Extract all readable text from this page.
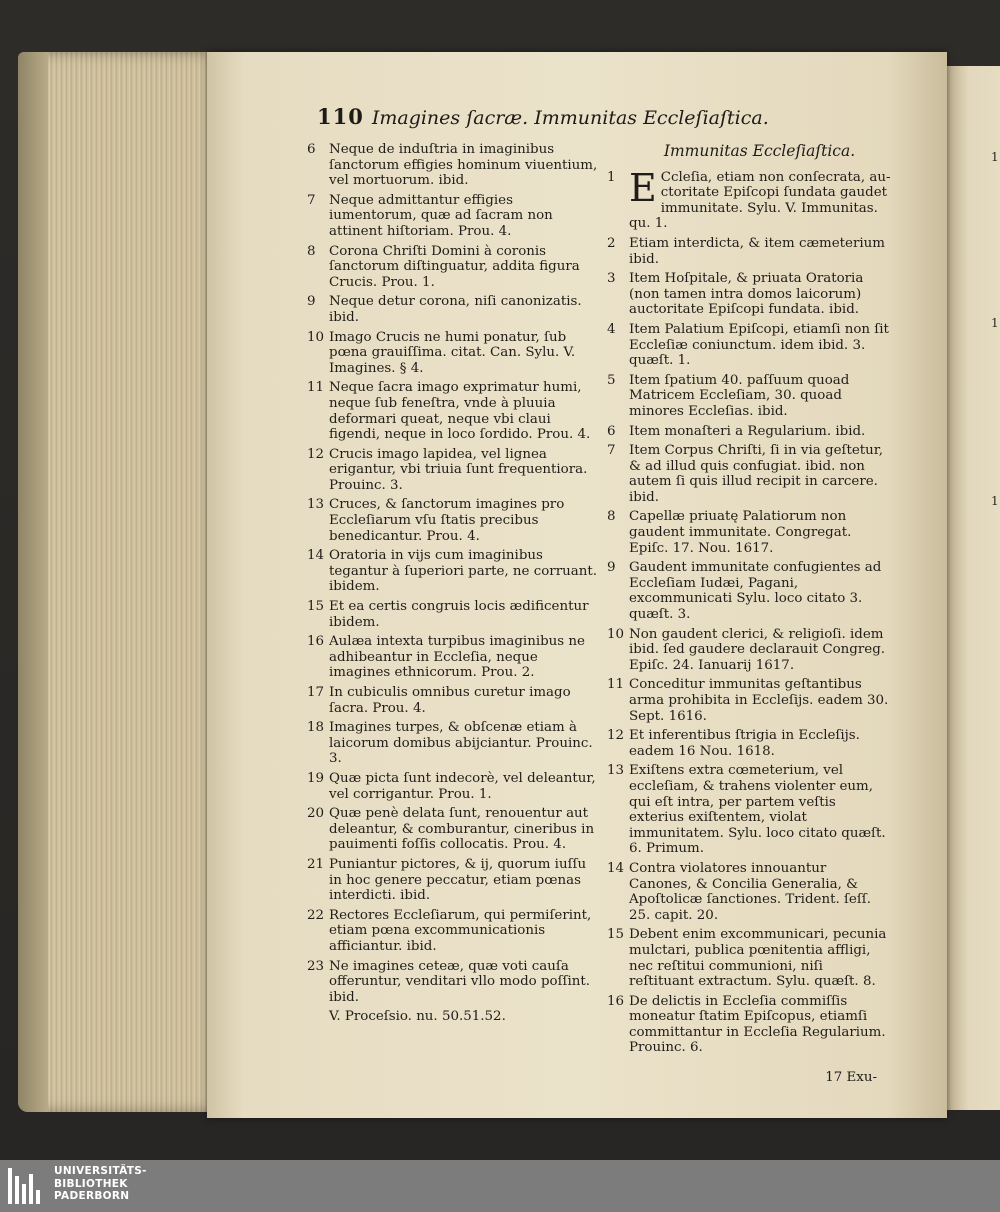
1
1
1
110 Imagines ſacræ. Immunitas Eccleſiaſtica.
6 Neque de induſtria in imaginibus ſanctorum effigies hominum viuentium, vel mortuorum. ibid.
7 Neque admittantur effigies iumentorum, quæ ad ſacram non attinent hiſtoriam. Prou. 4.
8 Corona Chriſti Domini à coronis ſanctorum diſtinguatur, addita figura Crucis. Prou. 1.
9 Neque detur corona, niſi canonizatis. ibid.
10 Imago Crucis ne humi ponatur, ſub pœna grauiſſima. citat. Can. Sylu. V. Imagines. § 4.
11 Neque ſacra imago exprimatur humi, neque ſub feneſtra, vnde à pluuia deformari queat, neque vbi claui figendi, neque in loco ſordido. Prou. 4.
12 Crucis imago lapidea, vel lignea erigantur, vbi triuia ſunt frequentiora. Prouinc. 3.
13 Cruces, & ſanctorum imagines pro Eccleſiarum vſu ſtatis precibus benedicantur. Prou. 4.
14 Oratoria in vijs cum imaginibus tegantur à ſuperiori parte, ne corruant. ibidem.
15 Et ea certis congruis locis ædificentur ibidem.
16 Aulæa intexta turpibus imaginibus ne adhibeantur in Eccleſia, neque imagines ethnicorum. Prou. 2.
17 In cubiculis omnibus curetur imago ſacra. Prou. 4.
18 Imagines turpes, & obſcenæ etiam à laicorum domibus abijciantur. Prouinc. 3.
19 Quæ picta ſunt indecorè, vel deleantur, vel corrigantur. Prou. 1.
20 Quæ penè delata ſunt, renouentur aut deleantur, & comburantur, cineribus in pauimenti foſſis collocatis. Prou. 4.
21 Puniantur pictores, & ij, quorum iuſſu in hoc genere peccatur, etiam pœnas interdicti. ibid.
22 Rectores Eccleſiarum, qui permiſerint, etiam pœna excommunicationis afficiantur. ibid.
23 Ne imagines ceteæ, quæ voti cauſa offeruntur, venditari vllo modo poſſint. ibid.
V. Proceſsio. nu. 50.51.52.
Immunitas Eccleſiaſtica.
1 E Ccleſia, etiam non conſecrata, au- ctoritate Epiſcopi ſundata gaudet immunitate. Sylu. V. Immunitas. qu. 1.
2 Etiam interdicta, & item cæmeterium ibid.
3 Item Hoſpitale, & priuata Oratoria (non tamen intra domos laicorum) auctoritate Epiſcopi fundata. ibid.
4 Item Palatium Epiſcopi, etiamſi non ſit Eccleſiæ coniunctum. idem ibid. 3. quæſt. 1.
5 Item ſpatium 40. paſſuum quoad Matricem Eccleſiam, 30. quoad minores Eccleſias. ibid.
6 Item monaſteri a Regularium. ibid.
7 Item Corpus Chriſti, ſi in via geſtetur, & ad illud quis confugiat. ibid. non autem ſi quis illud recipit in carcere. ibid.
8 Capellæ priuatę Palatiorum non gaudent immunitate. Congregat. Epiſc. 17. Nou. 1617.
9 Gaudent immunitate confugientes ad Eccleſiam Iudæi, Pagani, excommunicati Sylu. loco citato 3. quæſt. 3.
10 Non gaudent clerici, & religioſi. idem ibid. ſed gaudere declarauit Congreg. Epiſc. 24. Ianuarij 1617.
11 Conceditur immunitas geſtantibus arma prohibita in Eccleſijs. eadem 30. Sept. 1616.
12 Et inferentibus ſtrigia in Eccleſijs. eadem 16 Nou. 1618.
13 Exiſtens extra cœmeterium, vel eccleſiam, & trahens violenter eum, qui eſt intra, per partem veſtis exterius exiſtentem, violat immunitatem. Sylu. loco citato quæſt. 6. Primum.
14 Contra violatores innouantur Canones, & Concilia Generalia, & Apoſtolicæ ſanctiones. Trident. ſeſſ. 25. capit. 20.
15 Debent enim excommunicari, pecunia mulctari, publica pœnitentia affligi, nec reſtitui communioni, niſi reſtituant extractum. Sylu. quæſt. 8.
16 De delictis in Eccleſia commiſſis moneatur ſtatim Epiſcopus, etiamſi committantur in Eccleſia Regularium. Prouinc. 6.
17 Exu-
UNIVERSITÄTS-
BIBLIOTHEK
PADERBORN
